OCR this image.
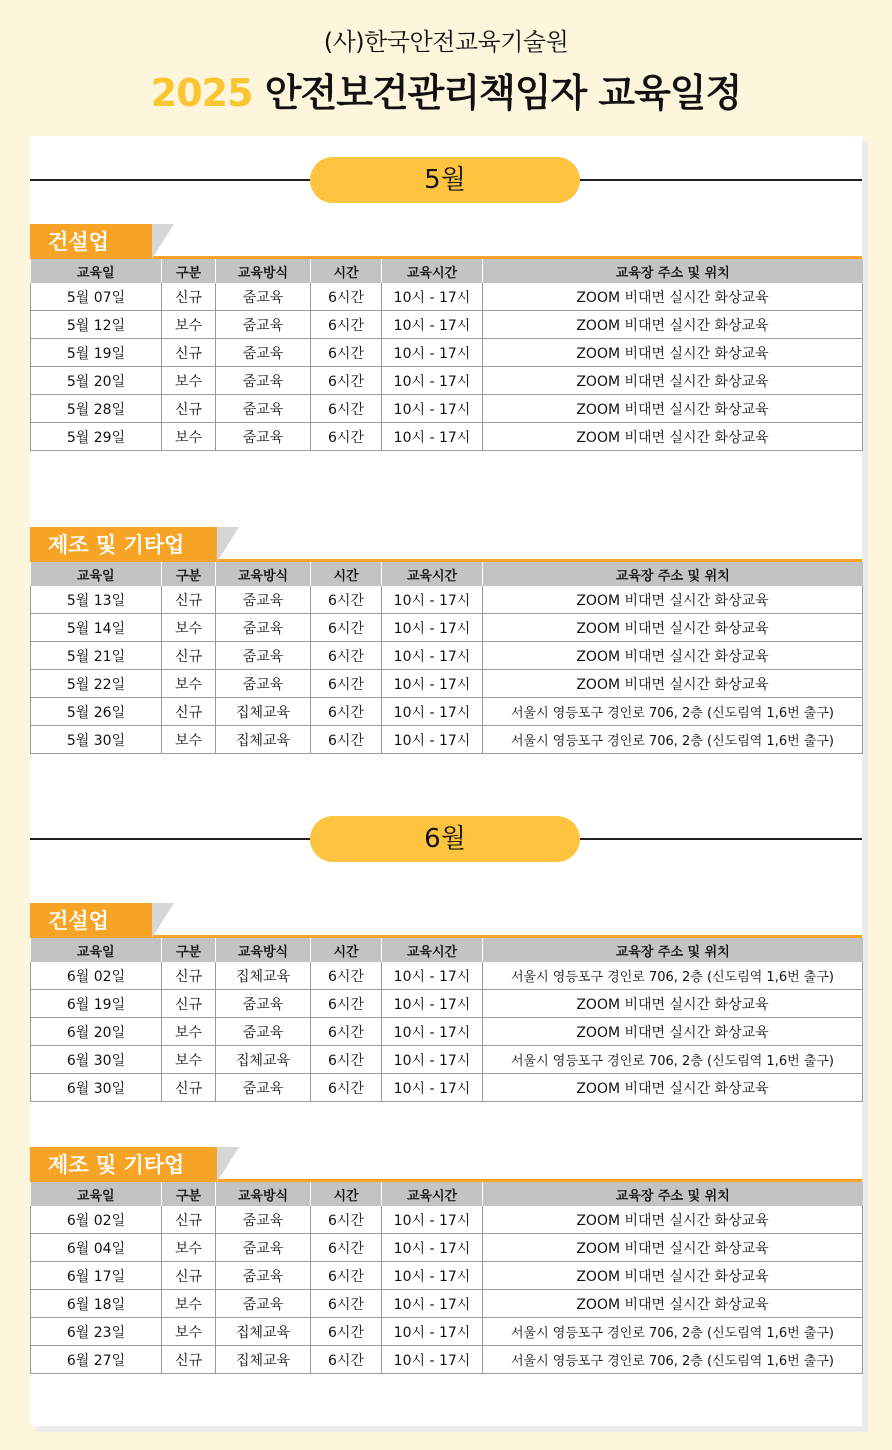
(사)한국안전교육기술원
2025 안전보건관리책임자 교육일정
5월
건설업
교육일	구분	교육방식	시간	교육시간	교육장 주소 및 위치
5월 07일	신규	줌교육	6시간	10시 - 17시	ZOOM 비대면 실시간 화상교육
5월 12일	보수	줌교육	6시간	10시 - 17시	ZOOM 비대면 실시간 화상교육
5월 19일	신규	줌교육	6시간	10시 - 17시	ZOOM 비대면 실시간 화상교육
5월 20일	보수	줌교육	6시간	10시 - 17시	ZOOM 비대면 실시간 화상교육
5월 28일	신규	줌교육	6시간	10시 - 17시	ZOOM 비대면 실시간 화상교육
5월 29일	보수	줌교육	6시간	10시 - 17시	ZOOM 비대면 실시간 화상교육
제조 및 기타업
교육일	구분	교육방식	시간	교육시간	교육장 주소 및 위치
5월 13일	신규	줌교육	6시간	10시 - 17시	ZOOM 비대면 실시간 화상교육
5월 14일	보수	줌교육	6시간	10시 - 17시	ZOOM 비대면 실시간 화상교육
5월 21일	신규	줌교육	6시간	10시 - 17시	ZOOM 비대면 실시간 화상교육
5월 22일	보수	줌교육	6시간	10시 - 17시	ZOOM 비대면 실시간 화상교육
5월 26일	신규	집체교육	6시간	10시 - 17시	서울시 영등포구 경인로 706, 2층 (신도림역 1,6번 출구)
5월 30일	보수	집체교육	6시간	10시 - 17시	서울시 영등포구 경인로 706, 2층 (신도림역 1,6번 출구)
6월
건설업
교육일	구분	교육방식	시간	교육시간	교육장 주소 및 위치
6월 02일	신규	집체교육	6시간	10시 - 17시	서울시 영등포구 경인로 706, 2층 (신도림역 1,6번 출구)
6월 19일	신규	줌교육	6시간	10시 - 17시	ZOOM 비대면 실시간 화상교육
6월 20일	보수	줌교육	6시간	10시 - 17시	ZOOM 비대면 실시간 화상교육
6월 30일	보수	집체교육	6시간	10시 - 17시	서울시 영등포구 경인로 706, 2층 (신도림역 1,6번 출구)
6월 30일	신규	줌교육	6시간	10시 - 17시	ZOOM 비대면 실시간 화상교육
제조 및 기타업
교육일	구분	교육방식	시간	교육시간	교육장 주소 및 위치
6월 02일	신규	줌교육	6시간	10시 - 17시	ZOOM 비대면 실시간 화상교육
6월 04일	보수	줌교육	6시간	10시 - 17시	ZOOM 비대면 실시간 화상교육
6월 17일	신규	줌교육	6시간	10시 - 17시	ZOOM 비대면 실시간 화상교육
6월 18일	보수	줌교육	6시간	10시 - 17시	ZOOM 비대면 실시간 화상교육
6월 23일	보수	집체교육	6시간	10시 - 17시	서울시 영등포구 경인로 706, 2층 (신도림역 1,6번 출구)
6월 27일	신규	집체교육	6시간	10시 - 17시	서울시 영등포구 경인로 706, 2층 (신도림역 1,6번 출구)
